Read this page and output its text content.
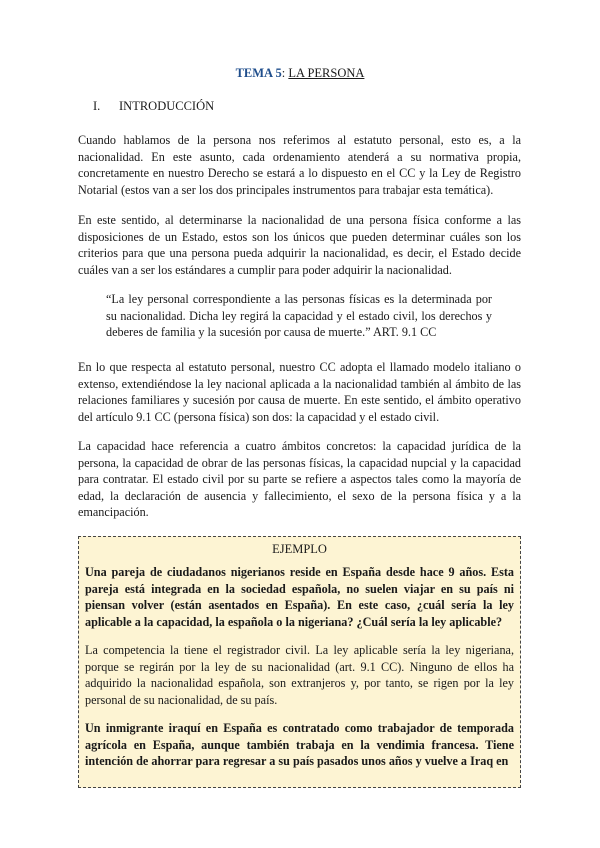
TEMA 5: LA PERSONA
I.	INTRODUCCIÓN

Cuando hablamos de la persona nos referimos al estatuto personal, esto es, a la nacionalidad. En este asunto, cada ordenamiento atenderá a su normativa propia, concretamente en nuestro Derecho se estará a lo dispuesto en el CC y la Ley de Registro Notarial (estos van a ser los dos principales instrumentos para trabajar esta temática).

En este sentido, al determinarse la nacionalidad de una persona física conforme a las disposiciones de un Estado, estos son los únicos que pueden determinar cuáles son los criterios para que una persona pueda adquirir la nacionalidad, es decir, el Estado decide cuáles van a ser los estándares a cumplir para poder adquirir la nacionalidad.

“La ley personal correspondiente a las personas físicas es la determinada por su nacionalidad. Dicha ley regirá la capacidad y el estado civil, los derechos y deberes de familia y la sucesión por causa de muerte.” ART. 9.1 CC

En lo que respecta al estatuto personal, nuestro CC adopta el llamado modelo italiano o extenso, extendiéndose la ley nacional aplicada a la nacionalidad también al ámbito de las relaciones familiares y sucesión por causa de muerte. En este sentido, el ámbito operativo del artículo 9.1 CC (persona física) son dos: la capacidad y el estado civil.

La capacidad hace referencia a cuatro ámbitos concretos: la capacidad jurídica de la persona, la capacidad de obrar de las personas físicas, la capacidad nupcial y la capacidad para contratar. El estado civil por su parte se refiere a aspectos tales como la mayoría de edad, la declaración de ausencia y fallecimiento, el sexo de la persona física y a la emancipación.

EJEMPLO

Una pareja de ciudadanos nigerianos reside en España desde hace 9 años. Esta pareja está integrada en la sociedad española, no suelen viajar en su país ni piensan volver (están asentados en España). En este caso, ¿cuál sería la ley aplicable a la capacidad, la española o la nigeriana? ¿Cuál sería la ley aplicable?

La competencia la tiene el registrador civil. La ley aplicable sería la ley nigeriana, porque se regirán por la ley de su nacionalidad (art. 9.1 CC). Ninguno de ellos ha adquirido la nacionalidad española, son extranjeros y, por tanto, se rigen por la ley personal de su nacionalidad, de su país.

Un inmigrante iraquí en España es contratado como trabajador de temporada agrícola en España, aunque también trabaja en la vendimia francesa. Tiene intención de ahorrar para regresar a su país pasados unos años y vuelve a Iraq en
